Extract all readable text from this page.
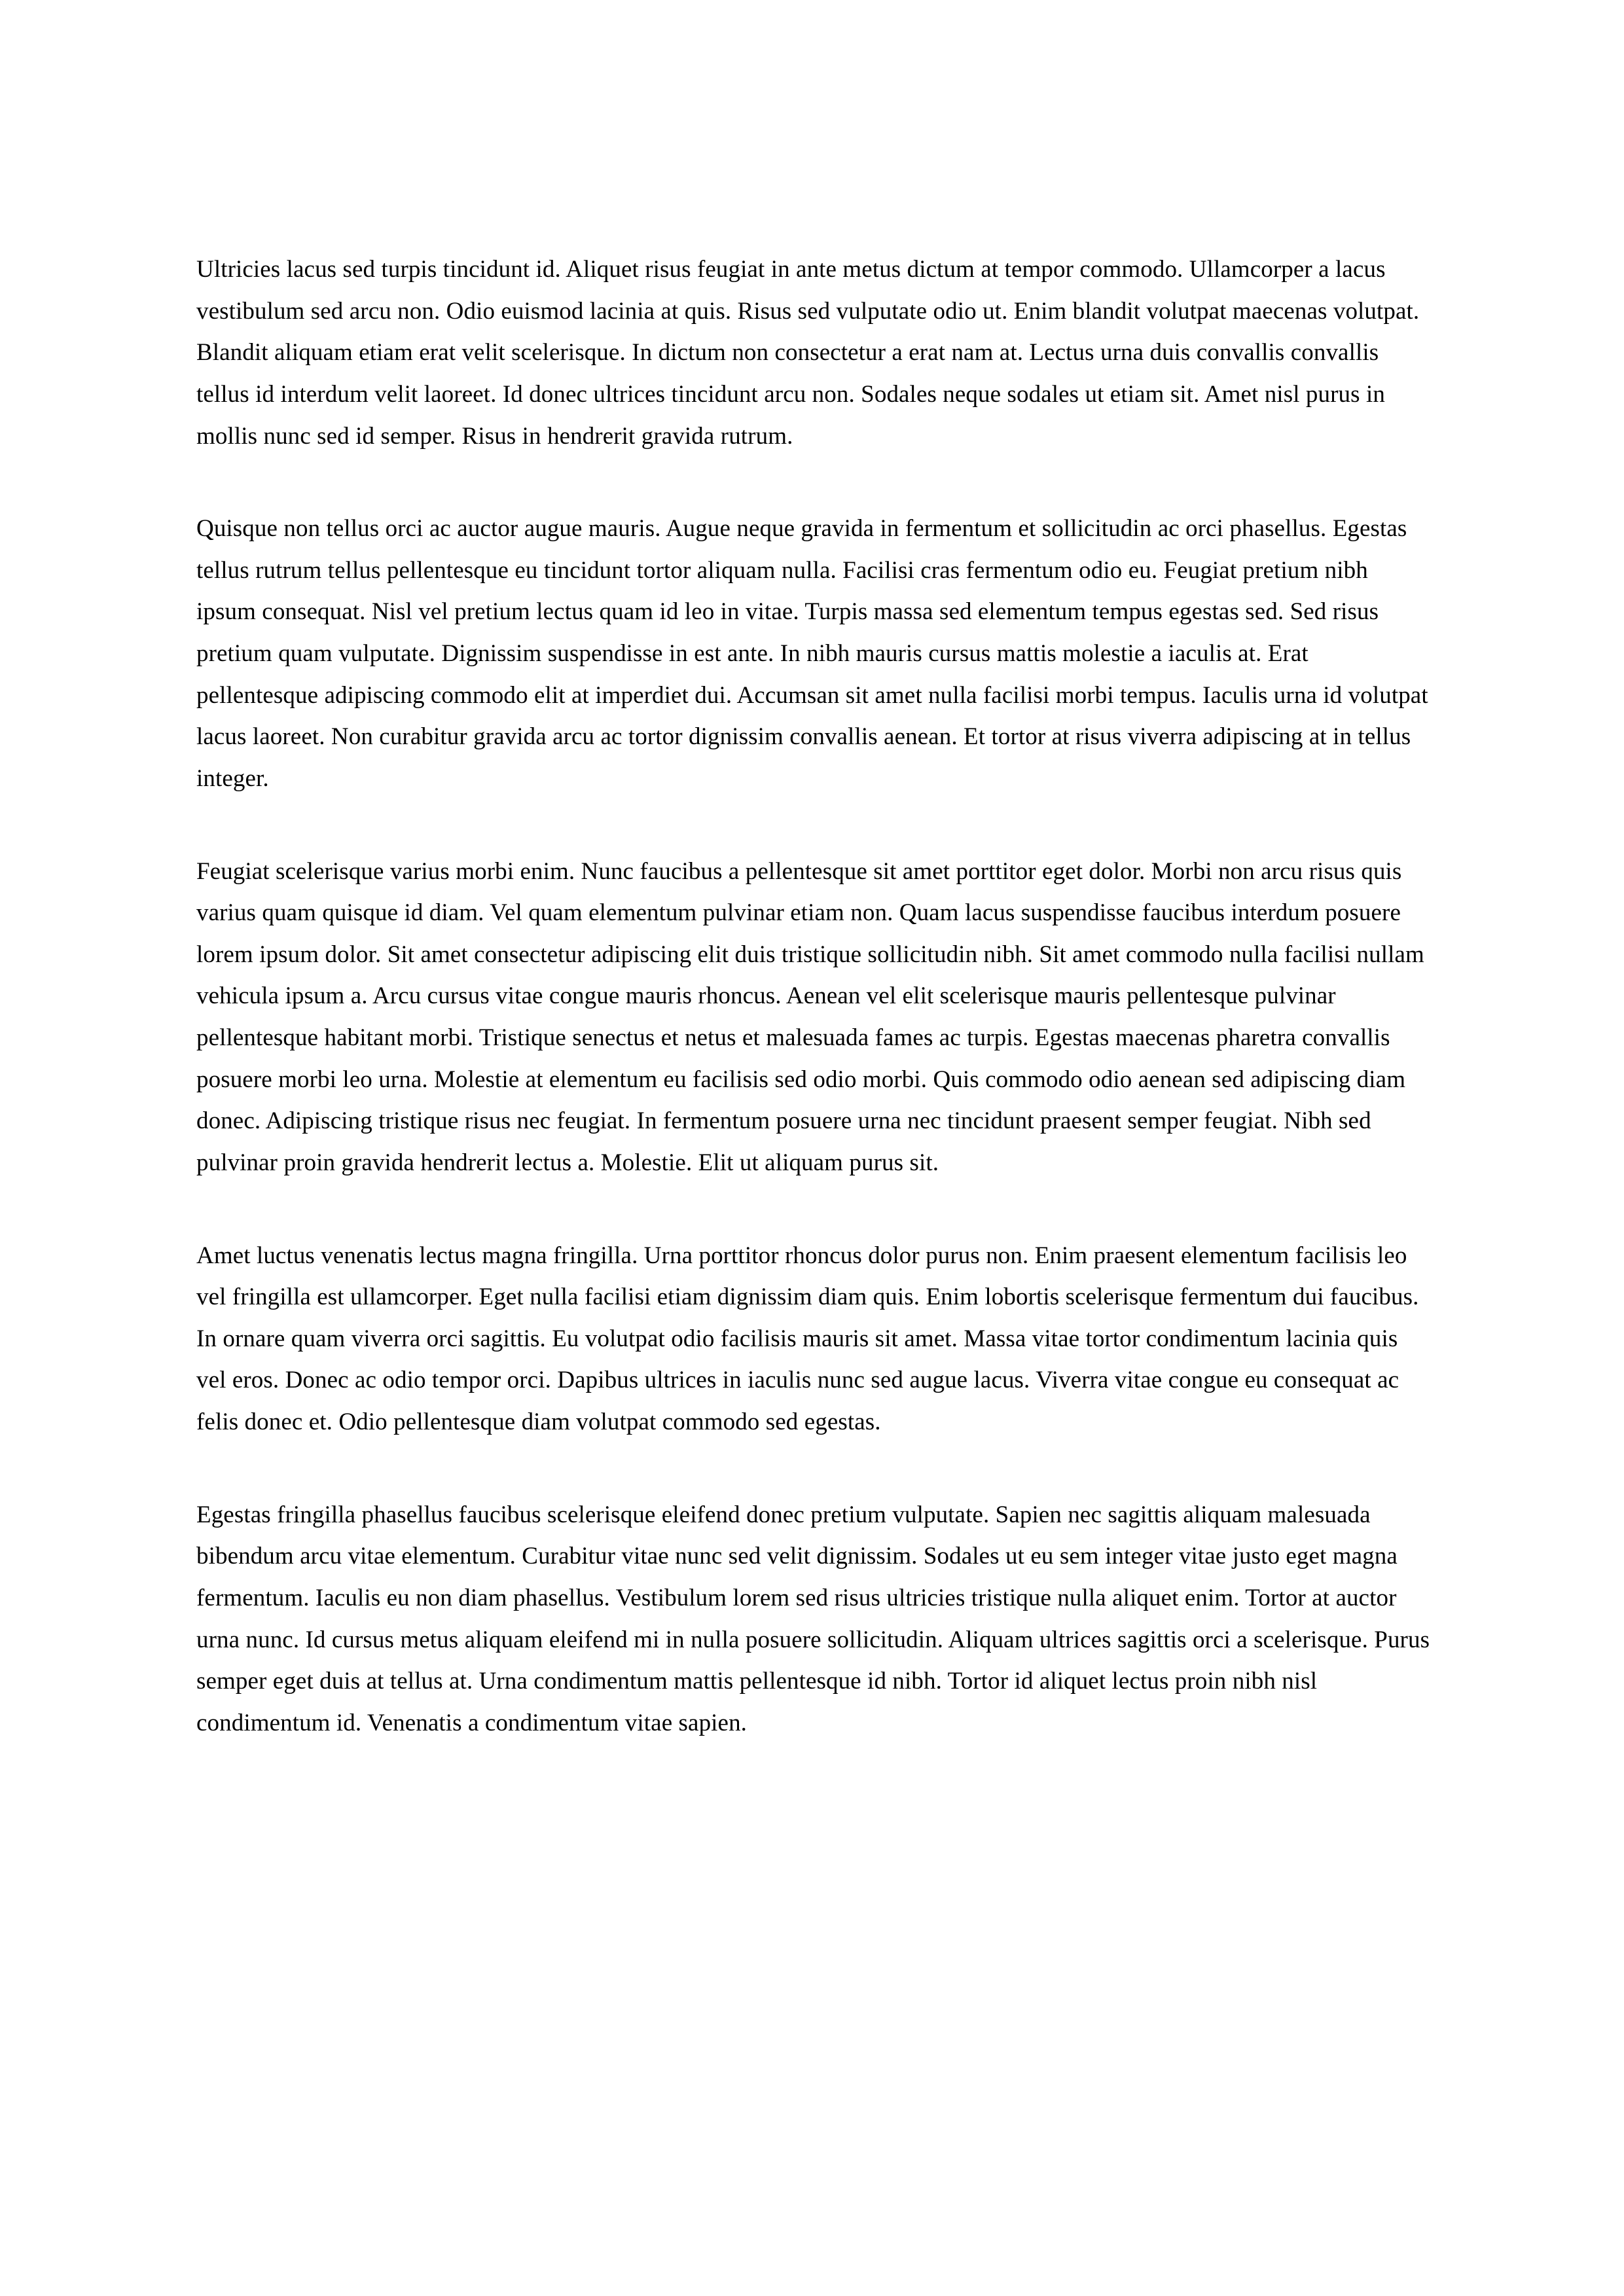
Ultricies lacus sed turpis tincidunt id. Aliquet risus feugiat in ante metus dictum at tempor commodo. Ullamcorper a lacus vestibulum sed arcu non. Odio euismod lacinia at quis. Risus sed vulputate odio ut. Enim blandit volutpat maecenas volutpat. Blandit aliquam etiam erat velit scelerisque. In dictum non consectetur a erat nam at. Lectus urna duis convallis convallis tellus id interdum velit laoreet. Id donec ultrices tincidunt arcu non. Sodales neque sodales ut etiam sit. Amet nisl purus in mollis nunc sed id semper. Risus in hendrerit gravida rutrum.

Quisque non tellus orci ac auctor augue mauris. Augue neque gravida in fermentum et sollicitudin ac orci phasellus. Egestas tellus rutrum tellus pellentesque eu tincidunt tortor aliquam nulla. Facilisi cras fermentum odio eu. Feugiat pretium nibh ipsum consequat. Nisl vel pretium lectus quam id leo in vitae. Turpis massa sed elementum tempus egestas sed. Sed risus pretium quam vulputate. Dignissim suspendisse in est ante. In nibh mauris cursus mattis molestie a iaculis at. Erat pellentesque adipiscing commodo elit at imperdiet dui. Accumsan sit amet nulla facilisi morbi tempus. Iaculis urna id volutpat lacus laoreet. Non curabitur gravida arcu ac tortor dignissim convallis aenean. Et tortor at risus viverra adipiscing at in tellus integer.

Feugiat scelerisque varius morbi enim. Nunc faucibus a pellentesque sit amet porttitor eget dolor. Morbi non arcu risus quis varius quam quisque id diam. Vel quam elementum pulvinar etiam non. Quam lacus suspendisse faucibus interdum posuere lorem ipsum dolor. Sit amet consectetur adipiscing elit duis tristique sollicitudin nibh. Sit amet commodo nulla facilisi nullam vehicula ipsum a. Arcu cursus vitae congue mauris rhoncus. Aenean vel elit scelerisque mauris pellentesque pulvinar pellentesque habitant morbi. Tristique senectus et netus et malesuada fames ac turpis. Egestas maecenas pharetra convallis posuere morbi leo urna. Molestie at elementum eu facilisis sed odio morbi. Quis commodo odio aenean sed adipiscing diam donec. Adipiscing tristique risus nec feugiat. In fermentum posuere urna nec tincidunt praesent semper feugiat. Nibh sed pulvinar proin gravida hendrerit lectus a. Molestie. Elit ut aliquam purus sit.

Amet luctus venenatis lectus magna fringilla. Urna porttitor rhoncus dolor purus non. Enim praesent elementum facilisis leo vel fringilla est ullamcorper. Eget nulla facilisi etiam dignissim diam quis. Enim lobortis scelerisque fermentum dui faucibus. In ornare quam viverra orci sagittis. Eu volutpat odio facilisis mauris sit amet. Massa vitae tortor condimentum lacinia quis vel eros. Donec ac odio tempor orci. Dapibus ultrices in iaculis nunc sed augue lacus. Viverra vitae congue eu consequat ac felis donec et. Odio pellentesque diam volutpat commodo sed egestas.

Egestas fringilla phasellus faucibus scelerisque eleifend donec pretium vulputate. Sapien nec sagittis aliquam malesuada bibendum arcu vitae elementum. Curabitur vitae nunc sed velit dignissim. Sodales ut eu sem integer vitae justo eget magna fermentum. Iaculis eu non diam phasellus. Vestibulum lorem sed risus ultricies tristique nulla aliquet enim. Tortor at auctor urna nunc. Id cursus metus aliquam eleifend mi in nulla posuere sollicitudin. Aliquam ultrices sagittis orci a scelerisque. Purus semper eget duis at tellus at. Urna condimentum mattis pellentesque id nibh. Tortor id aliquet lectus proin nibh nisl condimentum id. Venenatis a condimentum vitae sapien.
